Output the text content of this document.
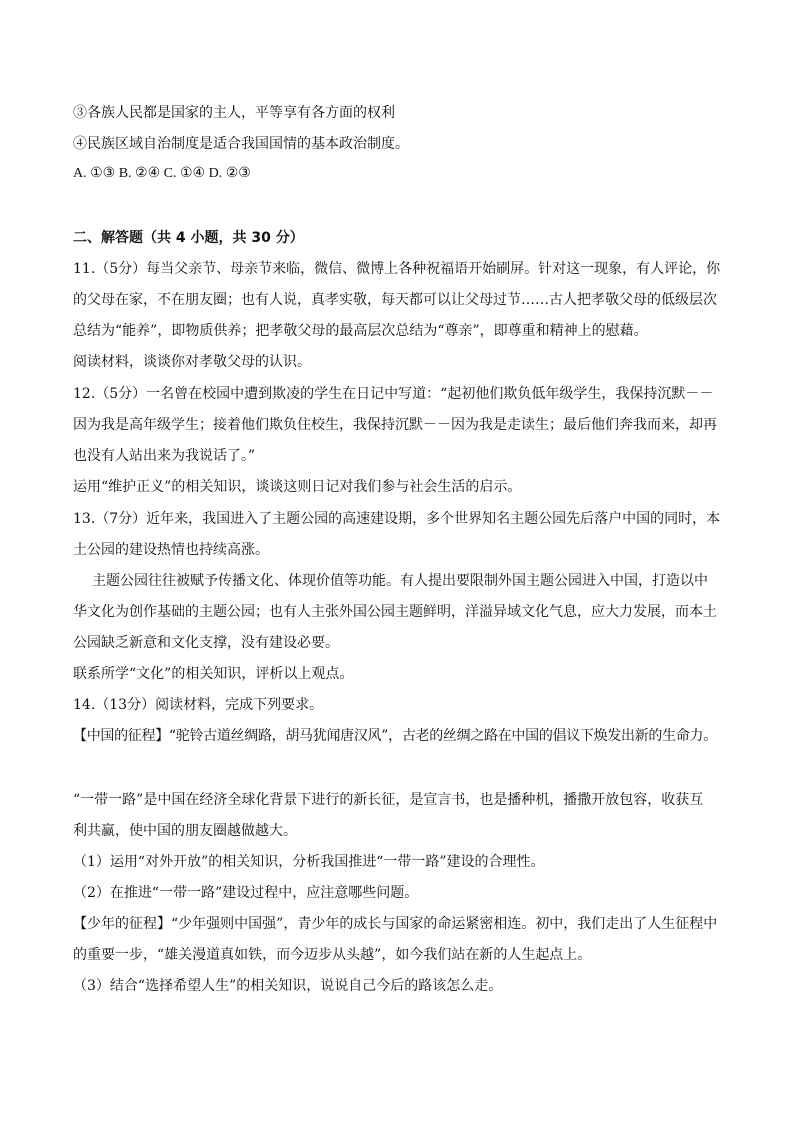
③各族人民都是国家的主人，平等享有各方面的权利
④民族区域自治制度是适合我国国情的基本政治制度。
A. ①③ B. ②④ C. ①④ D. ②③
二、解答题（共 4 小题，共 30 分）
11.（5分）每当父亲节、母亲节来临，微信、微博上各种祝福语开始刷屏。针对这一现象，有人评论，你
的父母在家，不在朋友圈；也有人说，真孝实敬，每天都可以让父母过节……古人把孝敬父母的低级层次
总结为“能养”，即物质供养；把孝敬父母的最高层次总结为“尊亲”，即尊重和精神上的慰藉。
阅读材料，谈谈你对孝敬父母的认识。
12.（5分）一名曾在校园中遭到欺凌的学生在日记中写道：“起初他们欺负低年级学生，我保持沉默－－
因为我是高年级学生；接着他们欺负住校生，我保持沉默－－因为我是走读生；最后他们奔我而来，却再
也没有人站出来为我说话了。”
运用“维护正义”的相关知识，谈谈这则日记对我们参与社会生活的启示。
13.（7分）近年来，我国进入了主题公园的高速建设期，多个世界知名主题公园先后落户中国的同时，本
土公园的建设热情也持续高涨。
主题公园往往被赋予传播文化、体现价值等功能。有人提出要限制外国主题公园进入中国，打造以中
华文化为创作基础的主题公园；也有人主张外国公园主题鲜明，洋溢异域文化气息，应大力发展，而本土
公园缺乏新意和文化支撑，没有建设必要。
联系所学“文化”的相关知识，评析以上观点。
14.（13分）阅读材料，完成下列要求。
【中国的征程】“驼铃古道丝绸路，胡马犹闻唐汉风”，古老的丝绸之路在中国的倡议下焕发出新的生命力。
“一带一路”是中国在经济全球化背景下进行的新长征，是宣言书，也是播种机，播撒开放包容，收获互
利共赢，使中国的朋友圈越做越大。
（1）运用“对外开放”的相关知识，分析我国推进“一带一路”建设的合理性。
（2）在推进“一带一路”建设过程中，应注意哪些问题。
【少年的征程】“少年强则中国强”，青少年的成长与国家的命运紧密相连。初中，我们走出了人生征程中
的重要一步，“雄关漫道真如铁，而今迈步从头越”，如今我们站在新的人生起点上。
（3）结合“选择希望人生”的相关知识，说说自己今后的路该怎么走。
